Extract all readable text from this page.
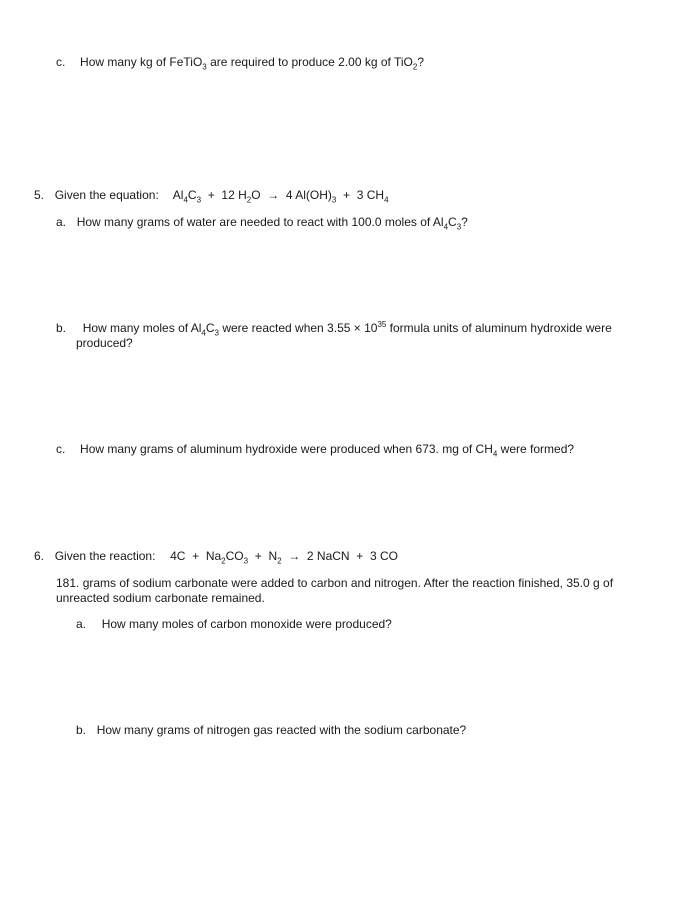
c. How many kg of FeTiO$_3$ are required to produce 2.00 kg of TiO$_2$?
5. Given the equation: $Al_4C_3 + 12$ $H_2O \to 4$ $Al(OH)_3 + 3$ $CH_4$
a. How many grams of water are needed to react with 100.0 moles of $Al_4C_3$?
b. How many moles of $Al_4C_3$ were reacted when $3.55 \times 10^{35}$ formula units of aluminum hydroxide were
produced?
c. How many grams of aluminum hydroxide were produced when 673. mg of $CH_4$ were formed?
6. Given the reaction: $4C + Na_2CO_3 + N_2 \to 2$ NaCN + 3 CO
181. grams of sodium carbonate were added to carbon and nitrogen. After the reaction finished, 35.0 g of
unreacted sodium carbonate remained.
a. How many moles of carbon monoxide were produced?
b. How many grams of nitrogen gas reacted with the sodium carbonate?
